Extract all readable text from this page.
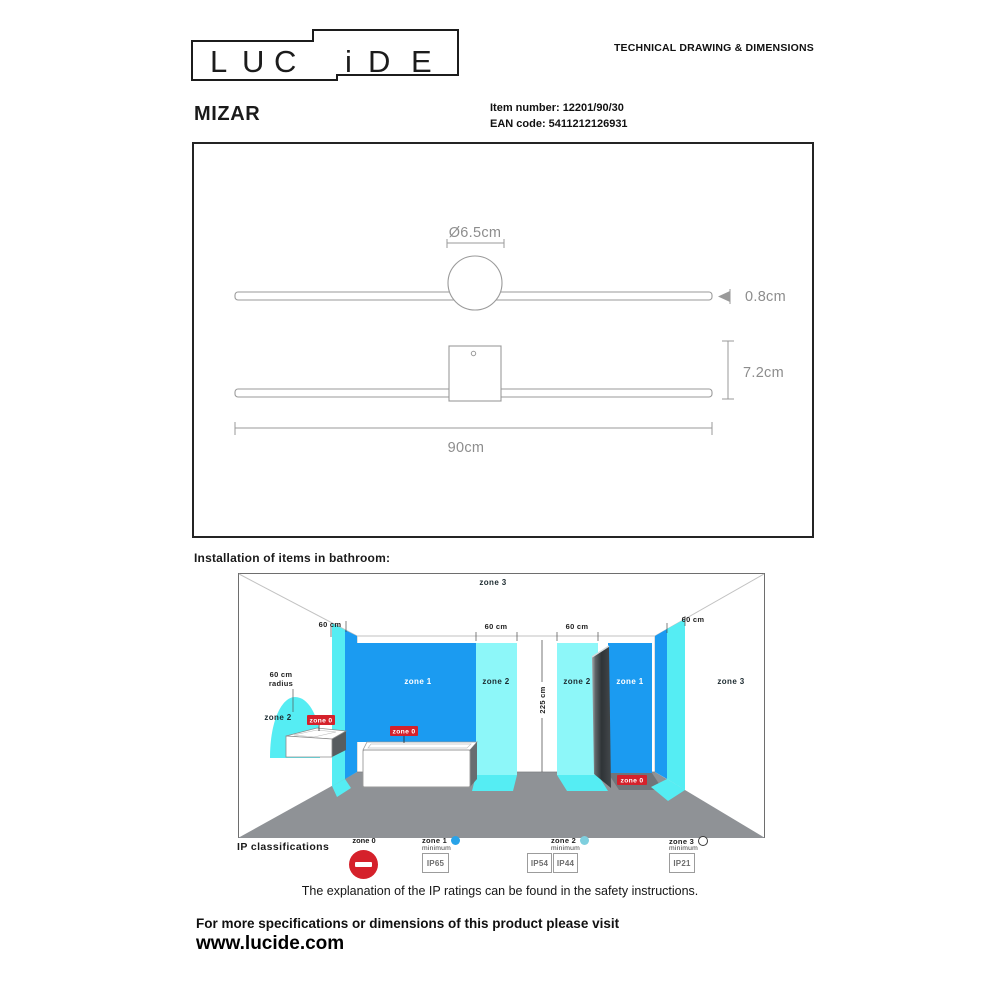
L U C i D E	TECHNICAL DRAWING & DIMENSIONS
MIZAR	Item number: 12201/90/30
EAN code: 5411212126931
Ø6.5cm
0.8cm
7.2cm
90cm
Installation of items in bathroom:
zone 0
zone 0
zone 0
225 cm
60 cm	60 cm	60 cm
60 cm
60 cm
radius
zone 3
zone 2
zone 1	zone 2	zone 2	zone 1	zone 3
IP classifications
zone 0	zone 1
minimum
IP65
zone 2
minimum
IP54	IP44
zone 3
minimum
IP21
The explanation of the IP ratings can be found in the safety instructions.
For more specifications or dimensions of this product please visit
www.lucide.com
